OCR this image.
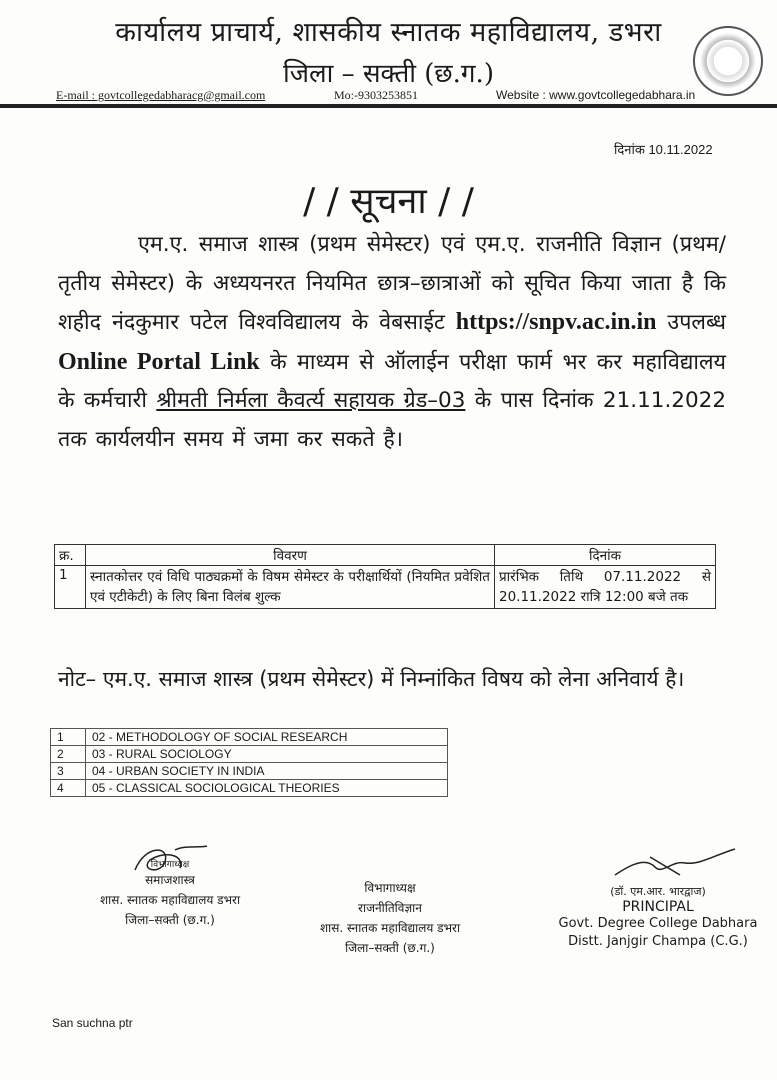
कार्यालय प्राचार्य, शासकीय स्नातक महाविद्यालय, डभरा
जिला – सक्ती (छ.ग.)
E-mail : govtcollegedabharacg@gmail.com	Mo:-9303253851	Website : www.govtcollegedabhara.in
दिनांक 10.11.2022
/ / सूचना / /
एम.ए. समाज शास्त्र (प्रथम सेमेस्टर) एवं एम.ए. राजनीति विज्ञान (प्रथम/तृतीय सेमेस्टर) के अध्ययनरत नियमित छात्र–छात्राओं को सूचित किया जाता है कि शहीद नंदकुमार पटेल विश्वविद्यालय के वेबसाईट https://snpv.ac.in.in उपलब्ध Online Portal Link के माध्यम से ऑलाईन परीक्षा फार्म भर कर महाविद्यालय के कर्मचारी श्रीमती निर्मला कैवर्त्य सहायक ग्रेड–03 के पास दिनांक 21.11.2022 तक कार्यलयीन समय में जमा कर सकते है।
क्र.	विवरण	दिनांक
1	स्नातकोत्तर एवं विधि पाठ्यक्रमों के विषम सेमेस्टर के परीक्षार्थियों (नियमित प्रवेशित एवं एटीकेटी) के लिए बिना विलंब शुल्क	प्रारंभिक तिथि 07.11.2022 से 20.11.2022 रात्रि 12:00 बजे तक
नोट– एम.ए. समाज शास्त्र (प्रथम सेमेस्टर) में निम्नांकित विषय को लेना अनिवार्य है।
1	02 - METHODOLOGY OF SOCIAL RESEARCH
2	03 - RURAL SOCIOLOGY
3	04 - URBAN SOCIETY IN INDIA
4	05 - CLASSICAL SOCIOLOGICAL THEORIES
विभागाध्यक्ष
समाजशास्त्र
शास. स्नातक महाविद्यालय डभरा
जिला–सक्ती (छ.ग.)
विभागाध्यक्ष
राजनीतिविज्ञान
शास. स्नातक महाविद्यालय डभरा
जिला–सक्ती (छ.ग.)
(डॉ. एम.आर. भारद्वाज)
PRINCIPAL
Govt. Degree College Dabhara
Distt. Janjgir Champa (C.G.)
San suchna ptr
